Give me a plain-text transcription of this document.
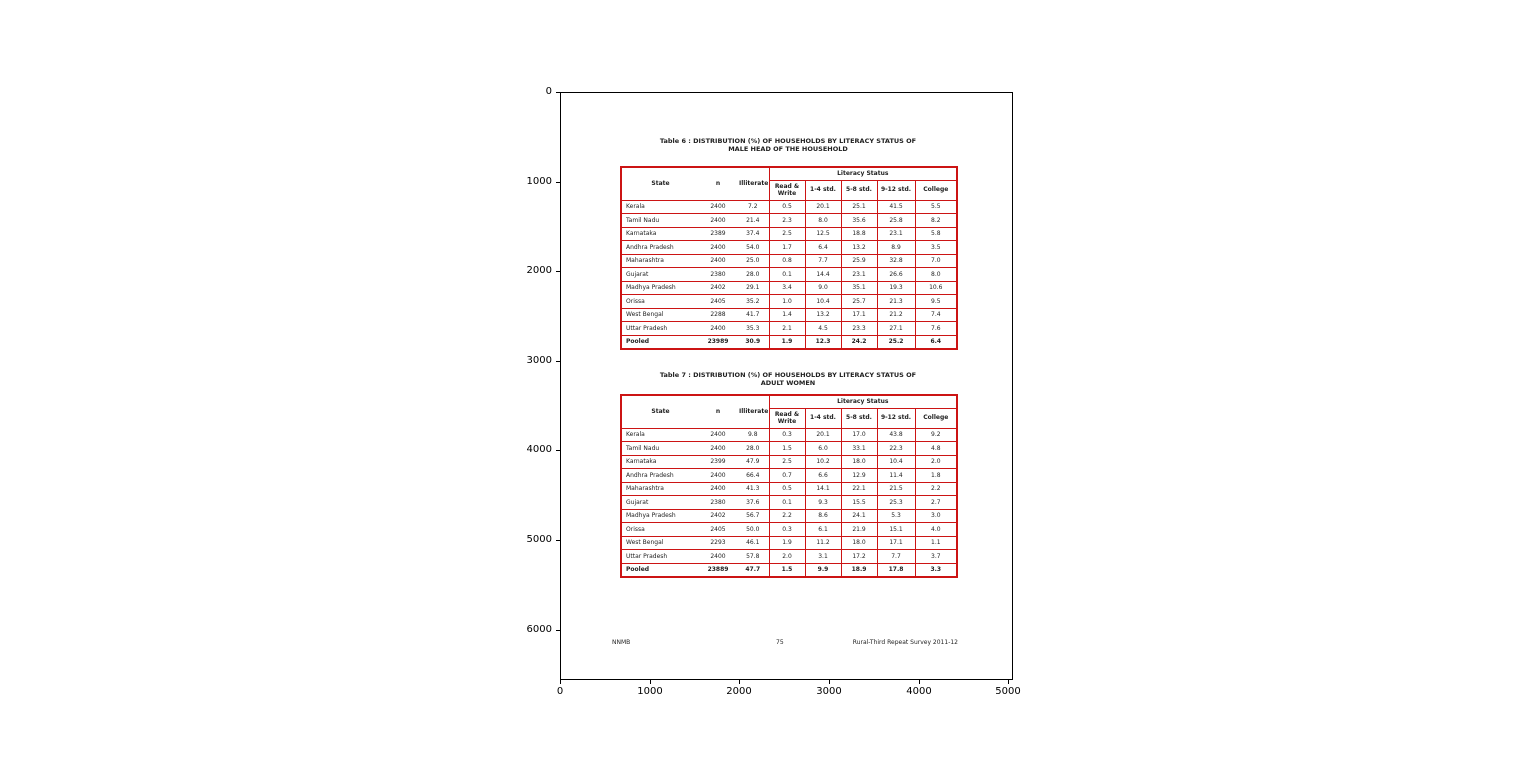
0
1000
2000
3000
4000
5000
6000
0	1000	2000	3000	4000	5000
Table 6 : DISTRIBUTION (%) OF HOUSEHOLDS BY LITERACY STATUS OF
MALE HEAD OF THE HOUSEHOLD
State	n	Illiterate	Literacy Status				
			Read & Write	1-4 std.	5-8 std.	9-12 std.	College
Kerala	2400	7.2	0.5	20.1	25.1	41.5	5.5
Tamil Nadu	2400	21.4	2.3	8.0	35.6	25.8	8.2
Karnataka	2389	37.4	2.5	12.5	18.8	23.1	5.8
Andhra Pradesh	2400	54.0	1.7	6.4	13.2	8.9	3.5
Maharashtra	2400	25.0	0.8	7.7	25.9	32.8	7.0
Gujarat	2380	28.0	0.1	14.4	23.1	26.6	8.0
Madhya Pradesh	2402	29.1	3.4	9.0	35.1	19.3	10.6
Orissa	2405	35.2	1.0	10.4	25.7	21.3	9.5
West Bengal	2288	41.7	1.4	13.2	17.1	21.2	7.4
Uttar Pradesh	2400	35.3	2.1	4.5	23.3	27.1	7.6
Pooled	23989	30.9	1.9	12.3	24.2	25.2	6.4
Table 7 : DISTRIBUTION (%) OF HOUSEHOLDS BY LITERACY STATUS OF
ADULT WOMEN
State	n	Illiterate	Literacy Status				
			Read & Write	1-4 std.	5-8 std.	9-12 std.	College
Kerala	2400	9.8	0.3	20.1	17.0	43.8	9.2
Tamil Nadu	2400	28.0	1.5	6.0	33.1	22.3	4.8
Karnataka	2399	47.9	2.5	10.2	18.0	10.4	2.0
Andhra Pradesh	2400	66.4	0.7	6.6	12.9	11.4	1.8
Maharashtra	2400	41.3	0.5	14.1	22.1	21.5	2.2
Gujarat	2380	37.6	0.1	9.3	15.5	25.3	2.7
Madhya Pradesh	2402	56.7	2.2	8.6	24.1	5.3	3.0
Orissa	2405	50.0	0.3	6.1	21.9	15.1	4.0
West Bengal	2293	46.1	1.9	11.2	18.0	17.1	1.1
Uttar Pradesh	2400	57.8	2.0	3.1	17.2	7.7	3.7
Pooled	23889	47.7	1.5	9.9	18.9	17.8	3.3
NNMB	75	Rural-Third Repeat Survey 2011-12
